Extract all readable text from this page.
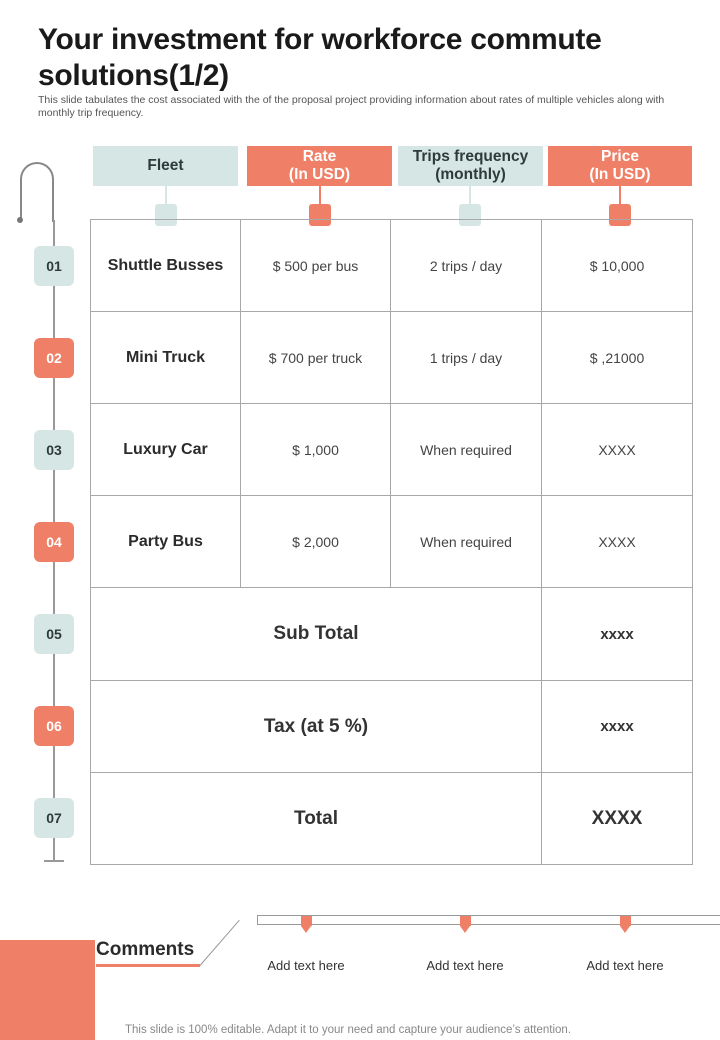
Your investment for workforce commute solutions(1/2)
This slide tabulates the cost associated with the of the proposal project providing information about rates of multiple vehicles along with monthly trip frequency.
01
02
03
04
05
06
07
Fleet
Rate
(In USD)
Trips frequency
(monthly)
Price
(In USD)
Shuttle Busses	$ 500 per bus	2 trips / day	$ 10,000
Mini Truck	$ 700 per truck	1 trips / day	$ ,21000
Luxury Car	$ 1,000	When required	XXXX
Party Bus	$ 2,000	When required	XXXX
Sub Total	xxxx
Tax (at 5 %)	xxxx
Total	XXXX
Comments
Add text here	Add text here	Add text here
This slide is 100% editable. Adapt it to your need and capture your audience’s attention.
